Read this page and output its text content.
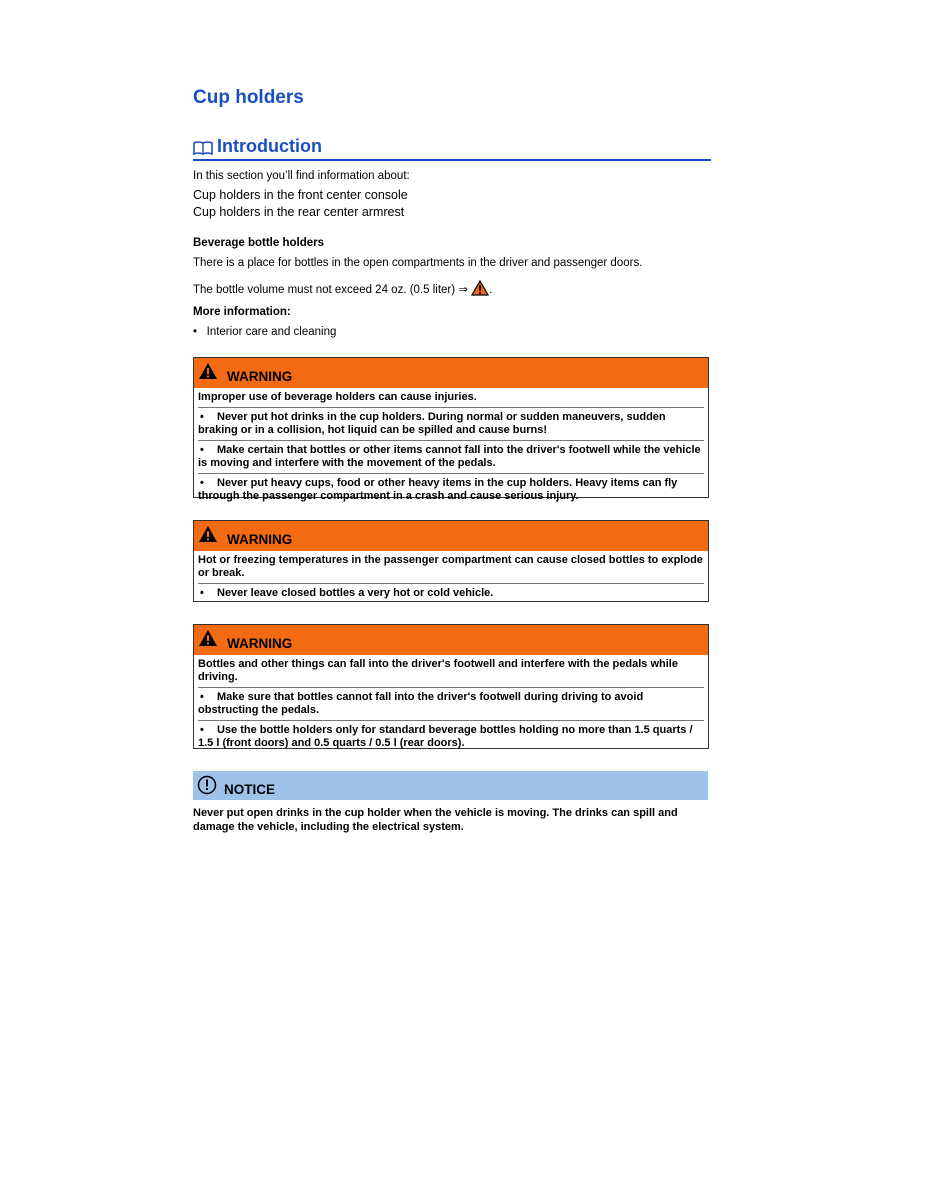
Cup holders
Introduction

In this section you’ll find information about:

Cup holders in the front center console

Cup holders in the rear center armrest

Beverage bottle holders

There is a place for bottles in the open compartments in the driver and passenger doors.

The bottle volume must not exceed 24 oz. (0.5 liter) ⇒ .

More information:

• Interior care and cleaning

WARNING
Improper use of beverage holders can cause injuries.
• Never put hot drinks in the cup holders. During normal or sudden maneuvers, sudden braking or in a collision, hot liquid can be spilled and cause burns!
• Make certain that bottles or other items cannot fall into the driver's footwell while the vehicle is moving and interfere with the movement of the pedals.
• Never put heavy cups, food or other heavy items in the cup holders. Heavy items can fly through the passenger compartment in a crash and cause serious injury.
WARNING
Hot or freezing temperatures in the passenger compartment can cause closed bottles to explode or break.
• Never leave closed bottles a very hot or cold vehicle.
WARNING
Bottles and other things can fall into the driver's footwell and interfere with the pedals while driving.
• Make sure that bottles cannot fall into the driver's footwell during driving to avoid obstructing the pedals.
• Use the bottle holders only for standard beverage bottles holding no more than 1.5 quarts / 1.5 l (front doors) and 0.5 quarts / 0.5 l (rear doors).
NOTICE
Never put open drinks in the cup holder when the vehicle is moving. The drinks can spill and damage the vehicle, including the electrical system.
